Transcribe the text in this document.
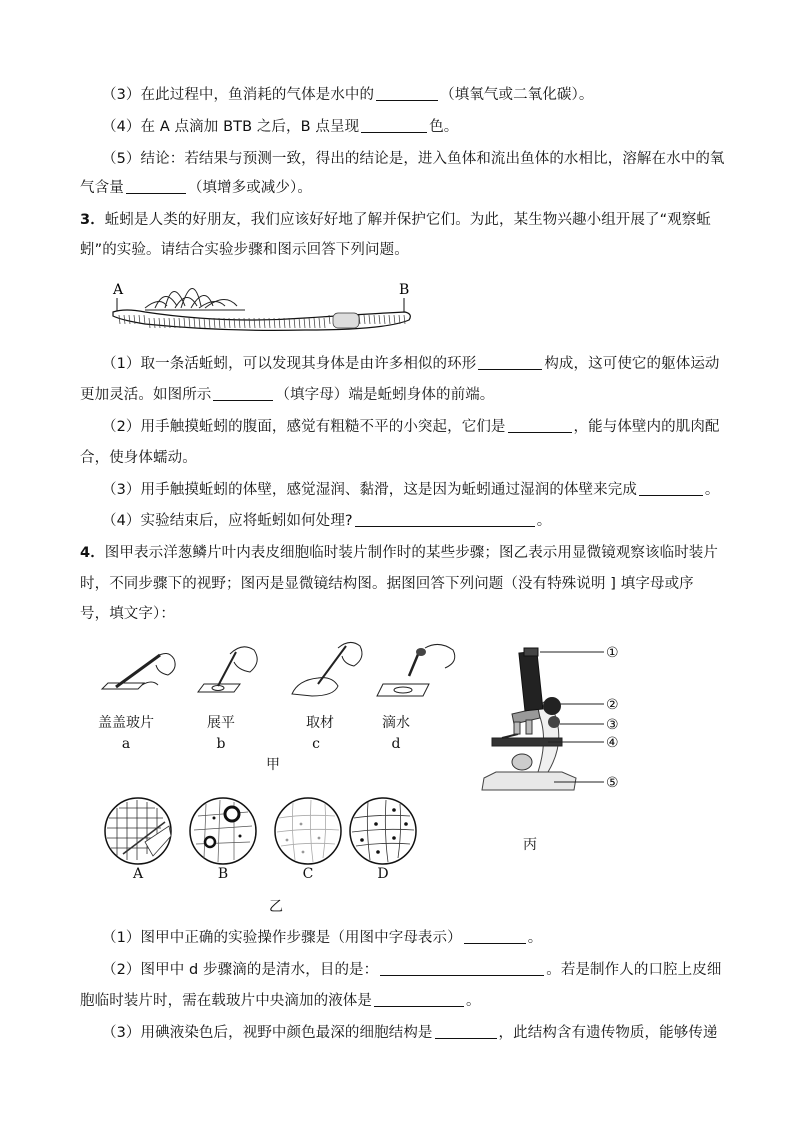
（3）在此过程中，鱼消耗的气体是水中的	（填氧气或二氧化碳）。
（4）在 A 点滴加 BTB 之后，B 点呈现	色。
（5）结论：若结果与预测一致，得出的结论是，进入鱼体和流出鱼体的水相比，溶解在水中的氧
气含量	（填增多或减少）。
3．蚯蚓是人类的好朋友，我们应该好好地了解并保护它们。为此，某生物兴趣小组开展了“观察蚯
蚓”的实验。请结合实验步骤和图示回答下列问题。
A	B
（1）取一条活蚯蚓，可以发现其身体是由许多相似的环形	构成，这可使它的躯体运动
更加灵活。如图所示	（填字母）端是蚯蚓身体的前端。
（2）用手触摸蚯蚓的腹面，感觉有粗糙不平的小突起，它们是	，能与体壁内的肌肉配
合，使身体蠕动。
（3）用手触摸蚯蚓的体壁，感觉湿润、黏滑，这是因为蚯蚓通过湿润的体壁来完成	。
（4）实验结束后，应将蚯蚓如何处理?	。
4．图甲表示洋葱鳞片叶内表皮细胞临时装片制作时的某些步骤；图乙表示用显微镜观察该临时装片
时，不同步骤下的视野；图丙是显微镜结构图。据图回答下列问题（没有特殊说明 ] 填字母或序
号，填文字）：
盖盖玻片	展平	取材	滴水
a	b	c	d
甲
A	B	C	D
乙
①
②
③
④
⑤
丙
（1）图甲中正确的实验操作步骤是（用图中字母表示）	。
（2）图甲中 d 步骤滴的是清水，目的是：	。若是制作人的口腔上皮细
胞临时装片时，需在载玻片中央滴加的液体是	。
（3）用碘液染色后，视野中颜色最深的细胞结构是	，此结构含有遗传物质，能够传递
